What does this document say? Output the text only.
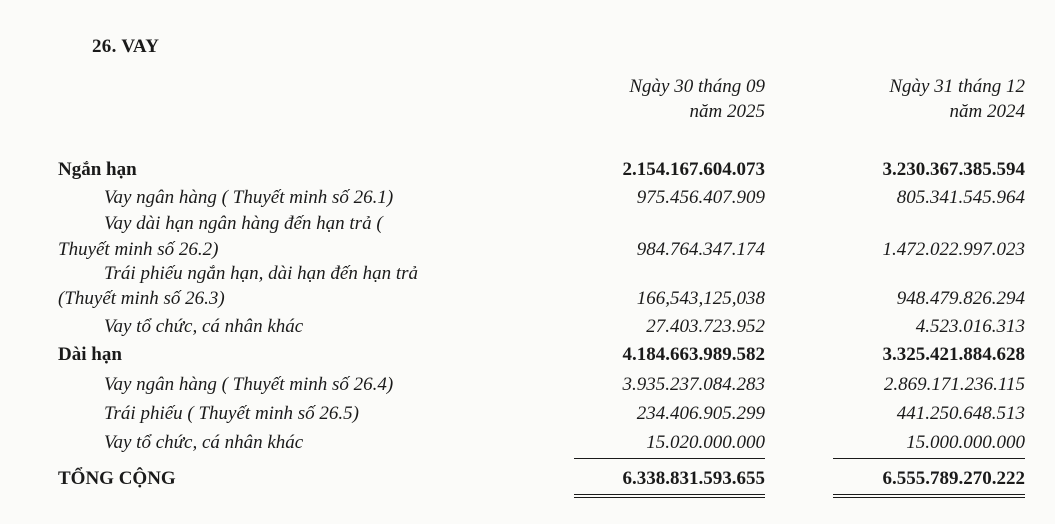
26. VAY
Ngày 30 tháng 09
năm 2025
Ngày 31 tháng 12
năm 2024
Ngắn hạn	2.154.167.604.073	3.230.367.385.594
Vay ngân hàng ( Thuyết minh số 26.1)	975.456.407.909	805.341.545.964
Vay dài hạn ngân hàng đến hạn trả (
Thuyết minh số 26.2)	984.764.347.174	1.472.022.997.023
Trái phiếu ngắn hạn, dài hạn đến hạn trả
(Thuyết minh số 26.3)	166,543,125,038	948.479.826.294
Vay tổ chức, cá nhân khác	27.403.723.952	4.523.016.313
Dài hạn	4.184.663.989.582	3.325.421.884.628
Vay ngân hàng ( Thuyết minh số 26.4)	3.935.237.084.283	2.869.171.236.115
Trái phiếu ( Thuyết minh số 26.5)	234.406.905.299	441.250.648.513
Vay tổ chức, cá nhân khác	15.020.000.000	15.000.000.000
TỔNG CỘNG	6.338.831.593.655	6.555.789.270.222
